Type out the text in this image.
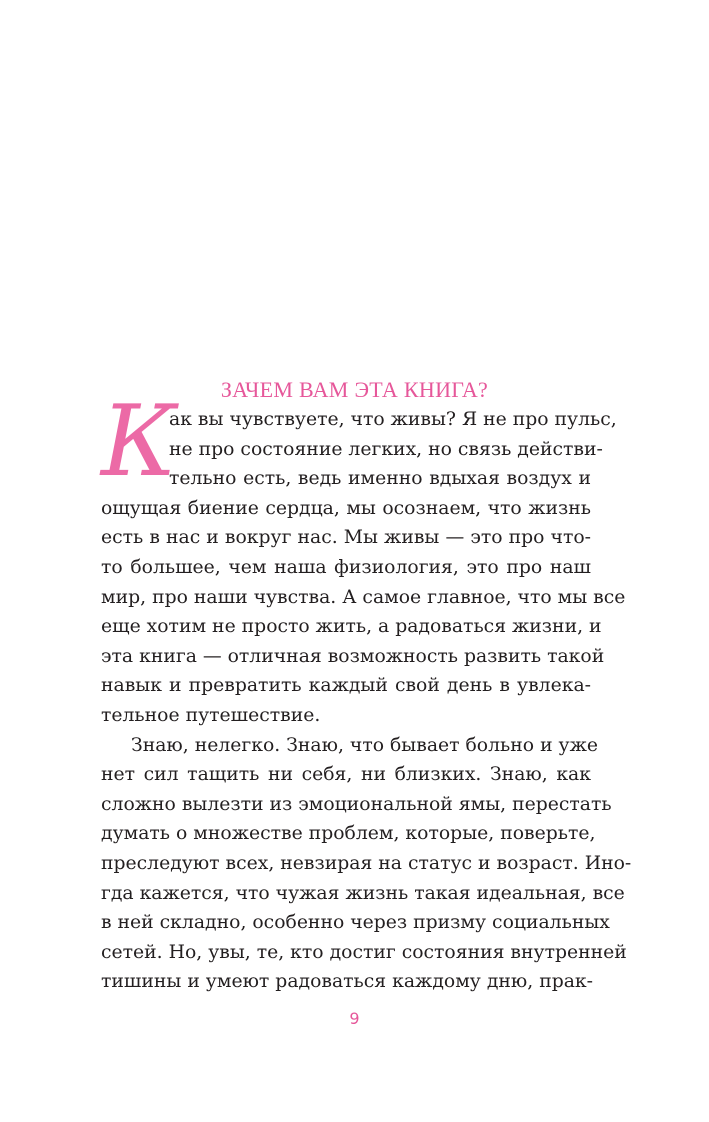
ЗАЧЕМ ВАМ ЭТА КНИГА?
К
ак вы чувствуете, что живы? Я не про пульс,
не про состояние легких, но связь действи-
тельно есть, ведь именно вдыхая воздух и
ощущая биение сердца, мы осознаем, что жизнь
есть в нас и вокруг нас. Мы живы — это про что-
то большее, чем наша физиология, это про наш
мир, про наши чувства. А самое главное, что мы все
еще хотим не просто жить, а радоваться жизни, и
эта книга — отличная возможность развить такой
навык и превратить каждый свой день в увлека-
тельное путешествие.
Знаю, нелегко. Знаю, что бывает больно и уже
нет сил тащить ни себя, ни близких. Знаю, как
сложно вылезти из эмоциональной ямы, перестать
думать о множестве проблем, которые, поверьте,
преследуют всех, невзирая на статус и возраст. Ино-
гда кажется, что чужая жизнь такая идеальная, все
в ней складно, особенно через призму социальных
сетей. Но, увы, те, кто достиг состояния внутренней
тишины и умеют радоваться каждому дню, прак-
9
